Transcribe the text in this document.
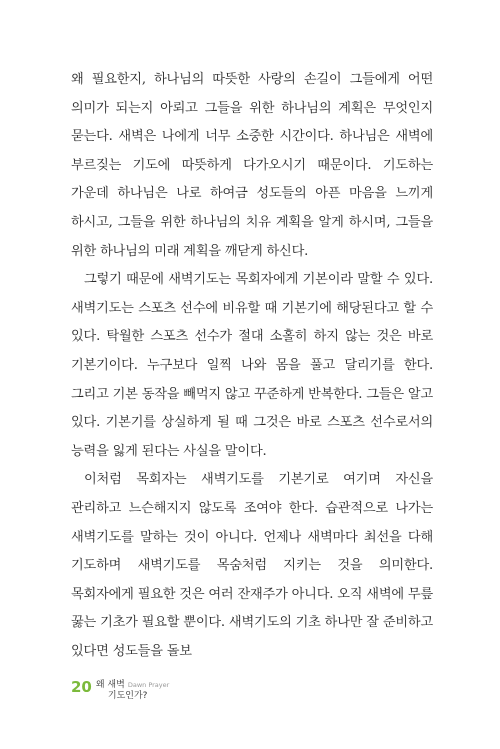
왜 필요한지, 하나님의 따뜻한 사랑의 손길이 그들에게 어떤 의미가 되는지 아뢰고 그들을 위한 하나님의 계획은 무엇인지 묻는다. 새벽은 나에게 너무 소중한 시간이다. 하나님은 새벽에 부르짖는 기도에 따뜻하게 다가오시기 때문이다. 기도하는 가운데 하나님은 나로 하여금 성도들의 아픈 마음을 느끼게 하시고, 그들을 위한 하나님의 치유 계획을 알게 하시며, 그들을 위한 하나님의 미래 계획을 깨닫게 하신다.

그렇기 때문에 새벽기도는 목회자에게 기본이라 말할 수 있다. 새벽기도는 스포츠 선수에 비유할 때 기본기에 해당된다고 할 수 있다. 탁월한 스포츠 선수가 절대 소홀히 하지 않는 것은 바로 기본기이다. 누구보다 일찍 나와 몸을 풀고 달리기를 한다. 그리고 기본 동작을 빼먹지 않고 꾸준하게 반복한다. 그들은 알고 있다. 기본기를 상실하게 될 때 그것은 바로 스포츠 선수로서의 능력을 잃게 된다는 사실을 말이다.

이처럼 목회자는 새벽기도를 기본기로 여기며 자신을 관리하고 느슨해지지 않도록 조여야 한다. 습관적으로 나가는 새벽기도를 말하는 것이 아니다. 언제나 새벽마다 최선을 다해 기도하며 새벽기도를 목숨처럼 지키는 것을 의미한다. 목회자에게 필요한 것은 여러 잔재주가 아니다. 오직 새벽에 무릎 꿇는 기초가 필요할 뿐이다. 새벽기도의 기초 하나만 잘 준비하고 있다면 성도들을 돌보

20 왜 새벽 Dawn Prayer
기도인가?
